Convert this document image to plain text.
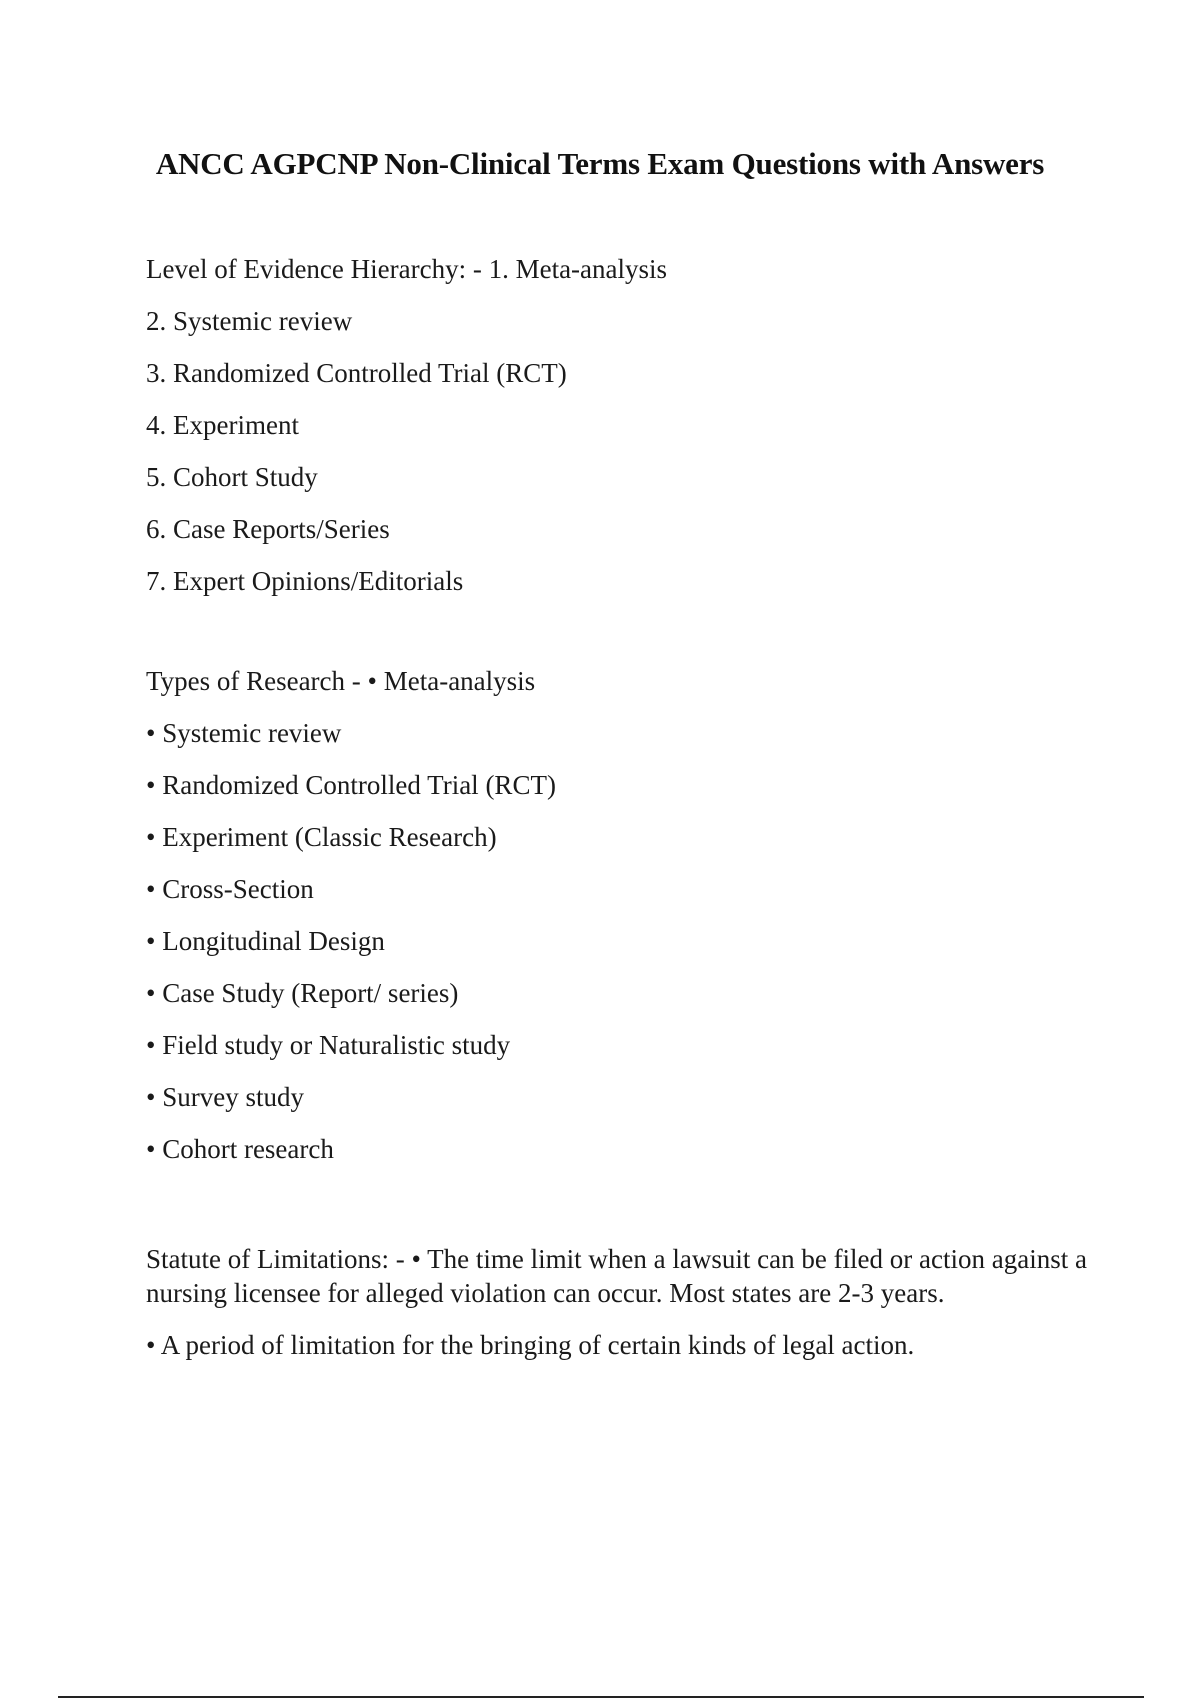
ANCC AGPCNP Non-Clinical Terms Exam Questions with Answers

Level of Evidence Hierarchy: - 1. Meta-analysis

2. Systemic review

3. Randomized Controlled Trial (RCT)

4. Experiment

5. Cohort Study

6. Case Reports/Series

7. Expert Opinions/Editorials

Types of Research - • Meta-analysis

• Systemic review

• Randomized Controlled Trial (RCT)

• Experiment (Classic Research)

• Cross-Section

• Longitudinal Design

• Case Study (Report/ series)

• Field study or Naturalistic study

• Survey study

• Cohort research

Statute of Limitations: - • The time limit when a lawsuit can be filed or action against a nursing licensee for alleged violation can occur. Most states are 2-3 years.

• A period of limitation for the bringing of certain kinds of legal action.
